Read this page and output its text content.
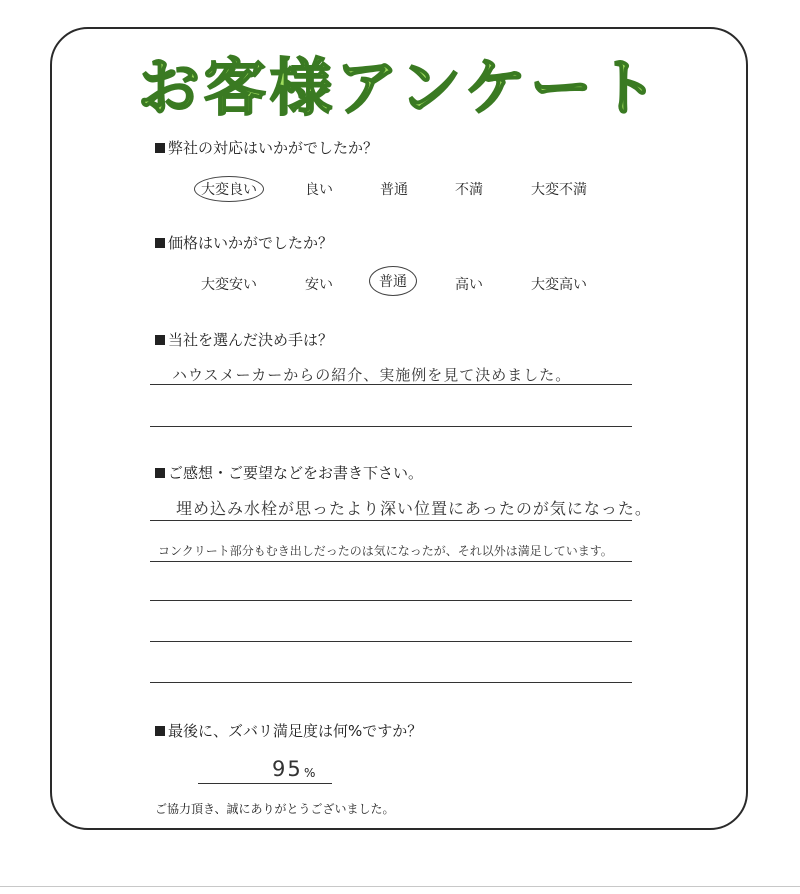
お客様アンケート
弊社の対応はいかがでしたか？
大変良い	良い	普通	不満	大変不満
価格はいかがでしたか？
大変安い	安い	普通	高い	大変高い
当社を選んだ決め手は？
ハウスメーカーからの紹介、実施例を見て決めました。
ご感想・ご要望などをお書き下さい。
埋め込み水栓が思ったより深い位置にあったのが気になった。
コンクリート部分もむき出しだったのは気になったが、それ以外は満足しています。
最後に、ズバリ満足度は何%ですか？
95 %
ご協力頂き、誠にありがとうございました。
